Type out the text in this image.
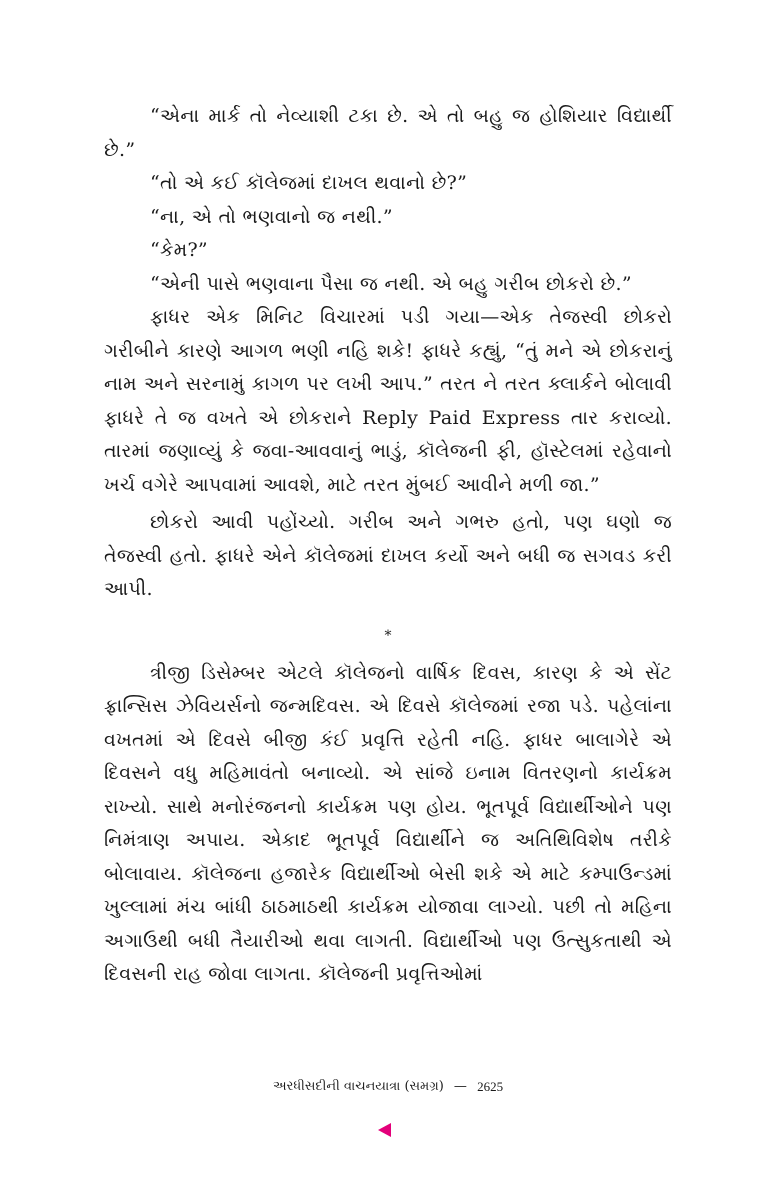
“એના માર્ક તો નેવ્યાશી ટકા છે. એ તો બહુ જ હોશિયાર વિદ્યાર્થી છે.”

“તો એ કઈ કૉલેજમાં દાખલ થવાનો છે?”

“ના, એ તો ભણવાનો જ નથી.”

“કેમ?”

“એની પાસે ભણવાના પૈસા જ નથી. એ બહુ ગરીબ છોકરો છે.”

ફાધર એક મિનિટ વિચારમાં પડી ગયા—એક તેજસ્વી છોકરો ગરીબીને કારણે આગળ ભણી નહિ શકે! ફાધરે કહ્યું, “તું મને એ છોકરાનું નામ અને સરનામું કાગળ પર લખી આપ.” તરત ને તરત ક્લાર્કને બોલાવી ફાધરે તે જ વખતે એ છોકરાને Reply Paid Express તાર કરાવ્યો. તારમાં જણાવ્યું કે જવા-આવવાનું ભાડું, કૉલેજની ફી, હૉસ્ટેલમાં રહેવાનો ખર્ચ વગેરે આપવામાં આવશે, માટે તરત મુંબઈ આવીને મળી જા.”

છોકરો આવી પહોંચ્યો. ગરીબ અને ગભરુ હતો, પણ ઘણો જ તેજસ્વી હતો. ફાધરે એને કૉલેજમાં દાખલ કર્યો અને બધી જ સગવડ કરી આપી.

*

ત્રીજી ડિસેમ્બર એટલે કૉલેજનો વાર્ષિક દિવસ, કારણ કે એ સેંટ ફ્રાન્સિસ ઝેવિયર્સનો જન્મદિવસ. એ દિવસે કૉલેજમાં રજા પડે. પહેલાંના વખતમાં એ દિવસે બીજી કંઈ પ્રવૃત્તિ રહેતી નહિ. ફાધર બાલાગેરે એ દિવસને વધુ મહિમાવંતો બનાવ્યો. એ સાંજે ઇનામ વિતરણનો કાર્યક્રમ રાખ્યો. સાથે મનોરંજનનો કાર્યક્રમ પણ હોય. ભૂતપૂર્વ વિદ્યાર્થીઓને પણ નિમંત્રાણ અપાય. એકાદ ભૂતપૂર્વ વિદ્યાર્થીને જ અતિથિવિશેષ તરીકે બોલાવાય. કૉલેજના હજારેક વિદ્યાર્થીઓ બેસી શકે એ માટે કમ્પાઉન્ડમાં ખુલ્લામાં મંચ બાંધી ઠાઠમાઠથી કાર્યક્રમ યોજાવા લાગ્યો. પછી તો મહિના અગાઉથી બધી તૈયારીઓ થવા લાગતી. વિદ્યાર્થીઓ પણ ઉત્સુકતાથી એ દિવસની રાહ જોવા લાગતા. કૉલેજની પ્રવૃત્તિઓમાં

અરધીસદીની વાચનયાત્રા (સમગ્ર) — 2625
